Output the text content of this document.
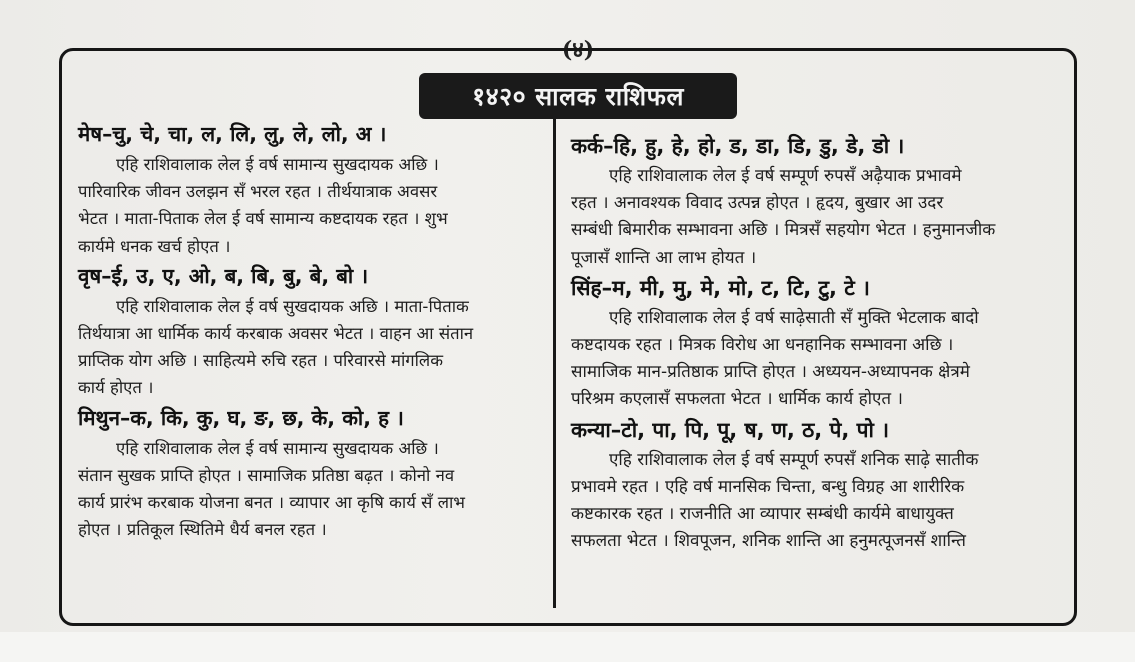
(४)
१४२० सालक राशिफल
मेष–चु, चे, चा, ल, लि, लु, ले, लो, अ ।
एहि राशिवालाक लेल ई वर्ष सामान्य सुखदायक अछि ।
पारिवारिक जीवन उलझन सँ भरल रहत । तीर्थयात्राक अवसर
भेटत । माता-पिताक लेल ई वर्ष सामान्य कष्टदायक रहत । शुभ
कार्यमे धनक खर्च होएत ।
वृष–ई, उ, ए, ओ, ब, बि, बु, बे, बो ।
एहि राशिवालाक लेल ई वर्ष सुखदायक अछि । माता-पिताक
तिर्थयात्रा आ धार्मिक कार्य करबाक अवसर भेटत । वाहन आ संतान
प्राप्तिक योग अछि । साहित्यमे रुचि रहत । परिवारसे मांगलिक
कार्य होएत ।
मिथुन–क, कि, कु, घ, ङ, छ, के, को, ह ।
एहि राशिवालाक लेल ई वर्ष सामान्य सुखदायक अछि ।
संतान सुखक प्राप्ति होएत । सामाजिक प्रतिष्ठा बढ़त । कोनो नव
कार्य प्रारंभ करबाक योजना बनत । व्यापार आ कृषि कार्य सँ लाभ
होएत । प्रतिकूल स्थितिमे धैर्य बनल रहत ।
कर्क–हि, हु, हे, हो, ड, डा, डि, डु, डे, डो ।
एहि राशिवालाक लेल ई वर्ष सम्पूर्ण रुपसँ अढ़ैयाक प्रभावमे
रहत । अनावश्यक विवाद उत्पन्न होएत । हृदय, बुखार आ उदर
सम्बंधी बिमारीक सम्भावना अछि । मित्रसँ सहयोग भेटत । हनुमानजीक
पूजासँ शान्ति आ लाभ होयत ।
सिंह–म, मी, मु, मे, मो, ट, टि, टु, टे ।
एहि राशिवालाक लेल ई वर्ष साढ़ेसाती सँ मुक्ति भेटलाक बादो
कष्टदायक रहत । मित्रक विरोध आ धनहानिक सम्भावना अछि ।
सामाजिक मान-प्रतिष्ठाक प्राप्ति होएत । अध्ययन-अध्यापनक क्षेत्रमे
परिश्रम कएलासँ सफलता भेटत । धार्मिक कार्य होएत ।
कन्या–टो, पा, पि, पू, ष, ण, ठ, पे, पो ।
एहि राशिवालाक लेल ई वर्ष सम्पूर्ण रुपसँ शनिक साढ़े सातीक
प्रभावमे रहत । एहि वर्ष मानसिक चिन्ता, बन्धु विग्रह आ शारीरिक
कष्टकारक रहत । राजनीति आ व्यापार सम्बंधी कार्यमे बाधायुक्त
सफलता भेटत । शिवपूजन, शनिक शान्ति आ हनुमत्पूजनसँ शान्ति
